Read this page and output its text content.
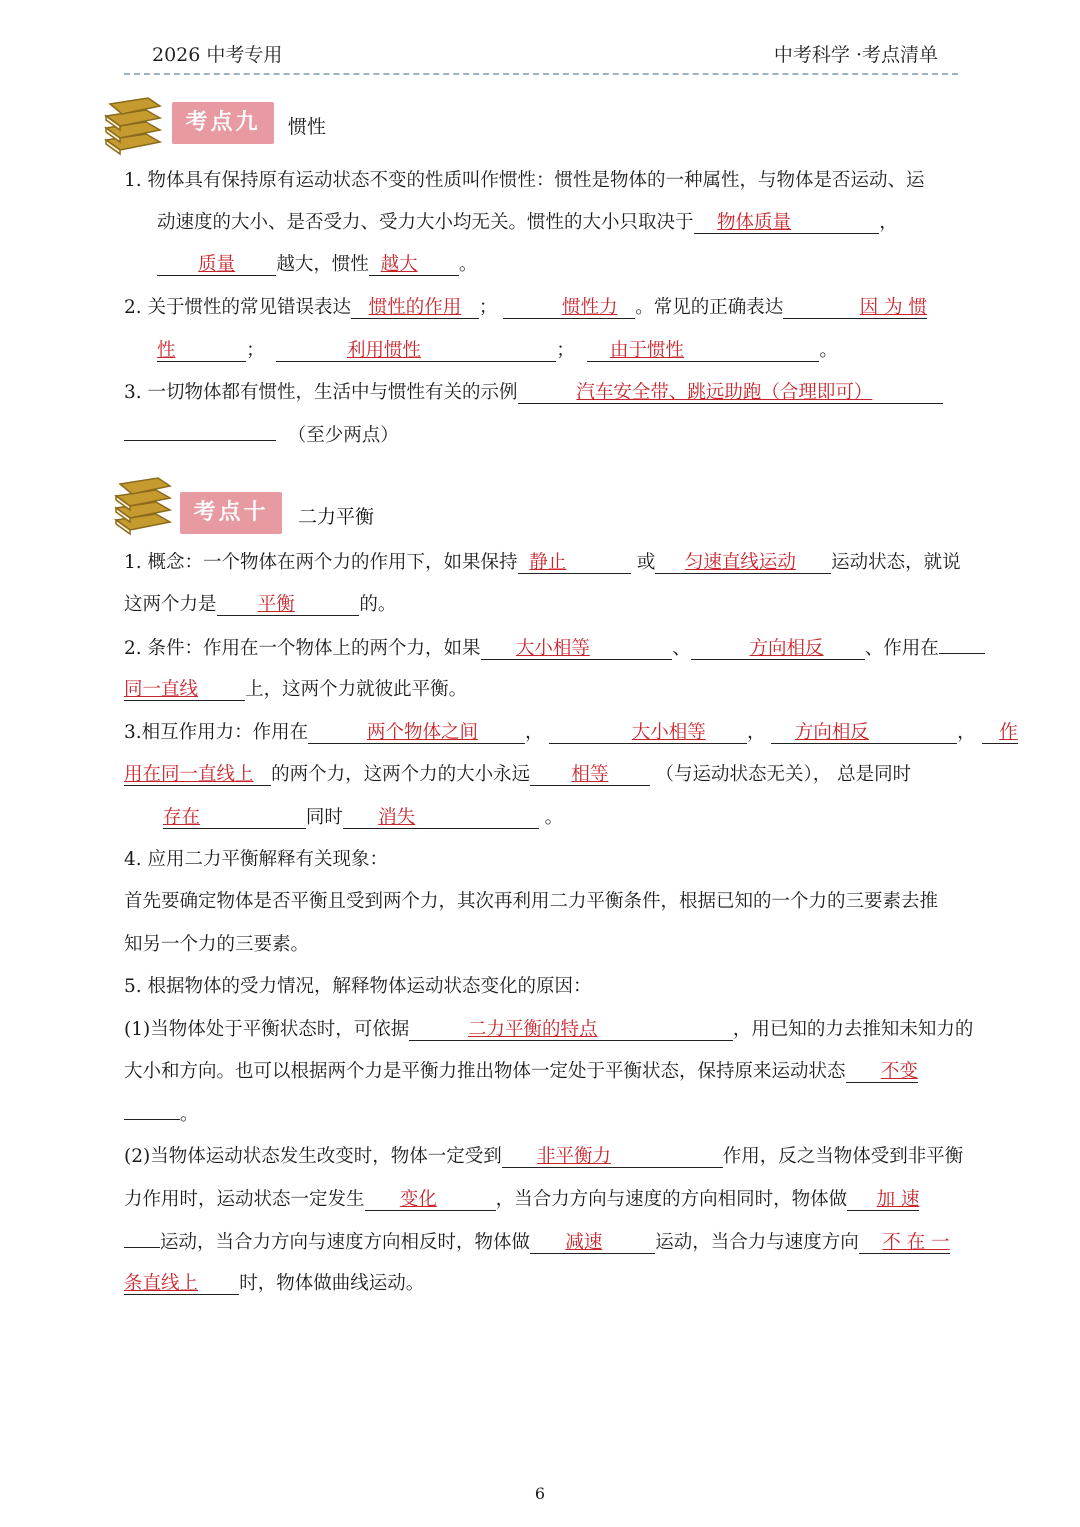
2026 中考专用	中考科学 ·考点清单
考点九	惯性
1. 物体具有保持原有运动状态不变的性质叫作惯性：惯性是物体的一种属性，与物体是否运动、运
动速度的大小、是否受力、受力大小均无关。惯性的大小只取决于 物体质量	，
质量 越大，惯性 越大 。
2. 关于惯性的常见错误表达 惯性的作用 ；	惯性力 。常见的正确表达	因 为 惯
性	；	利用惯性	； 由于惯性	。
3. 一切物体都有惯性，生活中与惯性有关的示例	汽车安全带、跳远助跑（合理即可）
（至少两点）
考点十	二力平衡
1. 概念：一个物体在两个力的作用下，如果保持 静止	或 匀速直线运动 运动状态，就说
这两个力是 平衡	的。
2. 条件：作用在一个物体上的两个力，如果 大小相等	、	方向相反 、作用在
同一直线	上，这两个力就彼此平衡。
3.相互作用力：作用在	两个物体之间	，	大小相等 ， 方向相反	， 作
用在同一直线上 的两个力，这两个力的大小永远 相等	（与运动状态无关）， 总是同时
存在	同时 消失	。
4. 应用二力平衡解释有关现象：
首先要确定物体是否平衡且受到两个力，其次再利用二力平衡条件，根据已知的一个力的三要素去推
知另一个力的三要素。
5. 根据物体的受力情况，解释物体运动状态变化的原因：
(1)当物体处于平衡状态时，可依据	二力平衡的特点	，用已知的力去推知未知力的
大小和方向。也可以根据两个力是平衡力推出物体一定处于平衡状态，保持原来运动状态 不变
。
(2)当物体运动状态发生改变时，物体一定受到 非平衡力	作用，反之当物体受到非平衡
力作用时，运动状态一定发生 变化	，当合力方向与速度的方向相同时，物体做 加 速
运动，当合力方向与速度方向相反时，物体做 减速	运动，当合力与速度方向 不 在 一
条直线上 时，物体做曲线运动。
6
